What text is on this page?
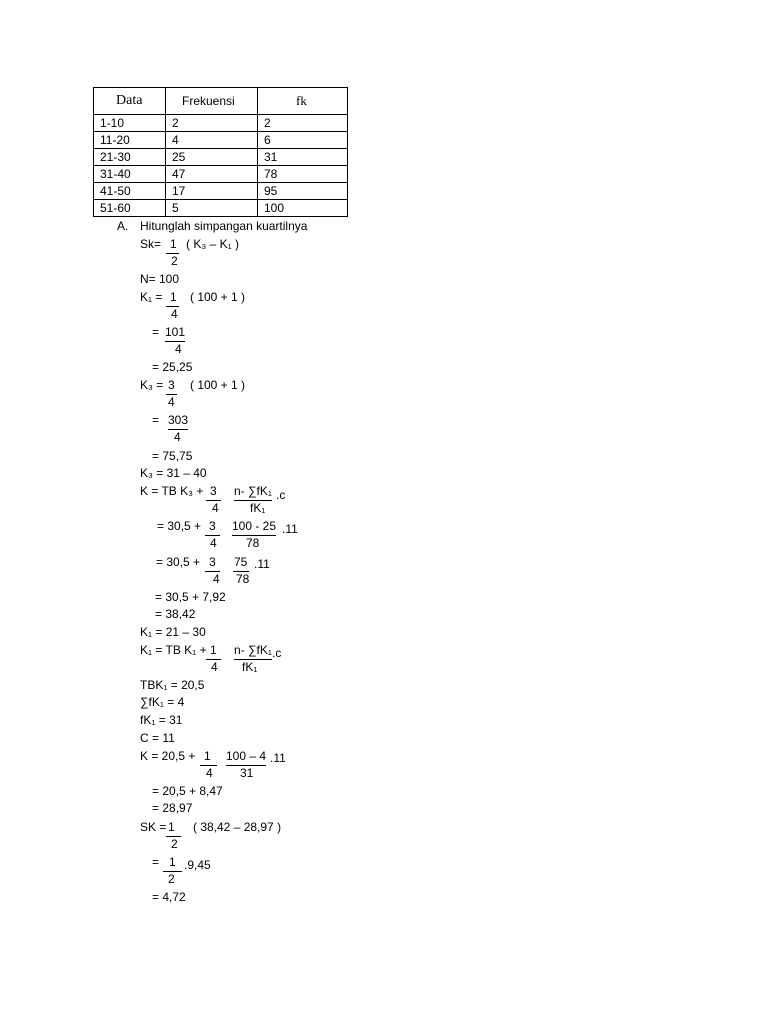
Data	Frekuensi	fk
1-10	2	2
11-20	4	6
21-30	25	31
31-40	47	78
41-50	17	95
51-60	5	100
A. Hitunglah simpangan kuartilnya
Sk= 1
2
( K₃ – K₁ )
N= 100
K₁ = 1
4
( 100 + 1 )
= 101
4
= 25,25
K₃ = 3
4
( 100 + 1 )
= 303
4
= 75,75
K₃ = 31 – 40
K = TB K₃ + 3
4
n- ∑fK₁
fK₁
.c
= 30,5 + 3
4
100 - 25
78
.11
= 30,5 + 3
4
75
78
.11
= 30,5 + 7,92
= 38,42
K₁ = 21 – 30
K₁ = TB K₁ + 1
4
n- ∑fK₁
fK₁
.c
TBK₁ = 20,5
∑fK₁ = 4
fK₁ = 31
C = 11
K = 20,5 + 1
4
100 – 4
31
.11
= 20,5 + 8,47
= 28,97
SK = 1
2
( 38,42 – 28,97 )
= 1
2
.9,45
= 4,72
